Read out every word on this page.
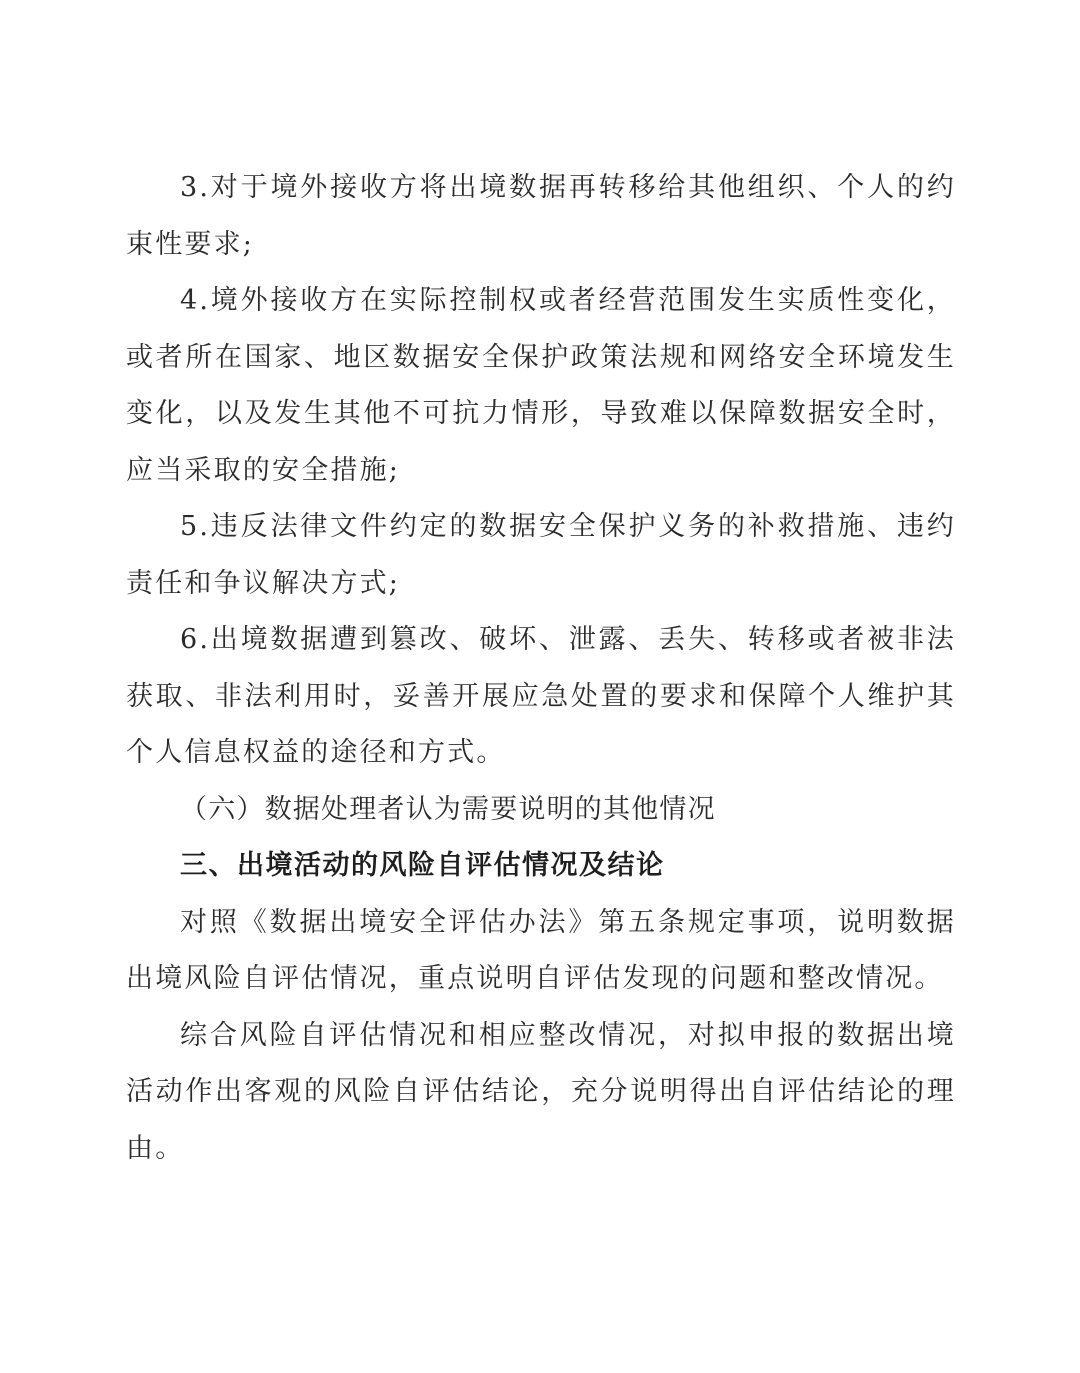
3.对于境外接收方将出境数据再转移给其他组织、个人的约束性要求;

4.境外接收方在实际控制权或者经营范围发生实质性变化，或者所在国家、地区数据安全保护政策法规和网络安全环境发生变化，以及发生其他不可抗力情形，导致难以保障数据安全时，应当采取的安全措施;

5.违反法律文件约定的数据安全保护义务的补救措施、违约责任和争议解决方式;

6.出境数据遭到篡改、破坏、泄露、丢失、转移或者被非法获取、非法利用时，妥善开展应急处置的要求和保障个人维护其个人信息权益的途径和方式。

（六）数据处理者认为需要说明的其他情况

三、出境活动的风险自评估情况及结论

对照《数据出境安全评估办法》第五条规定事项，说明数据出境风险自评估情况，重点说明自评估发现的问题和整改情况。

综合风险自评估情况和相应整改情况，对拟申报的数据出境活动作出客观的风险自评估结论，充分说明得出自评估结论的理由。
